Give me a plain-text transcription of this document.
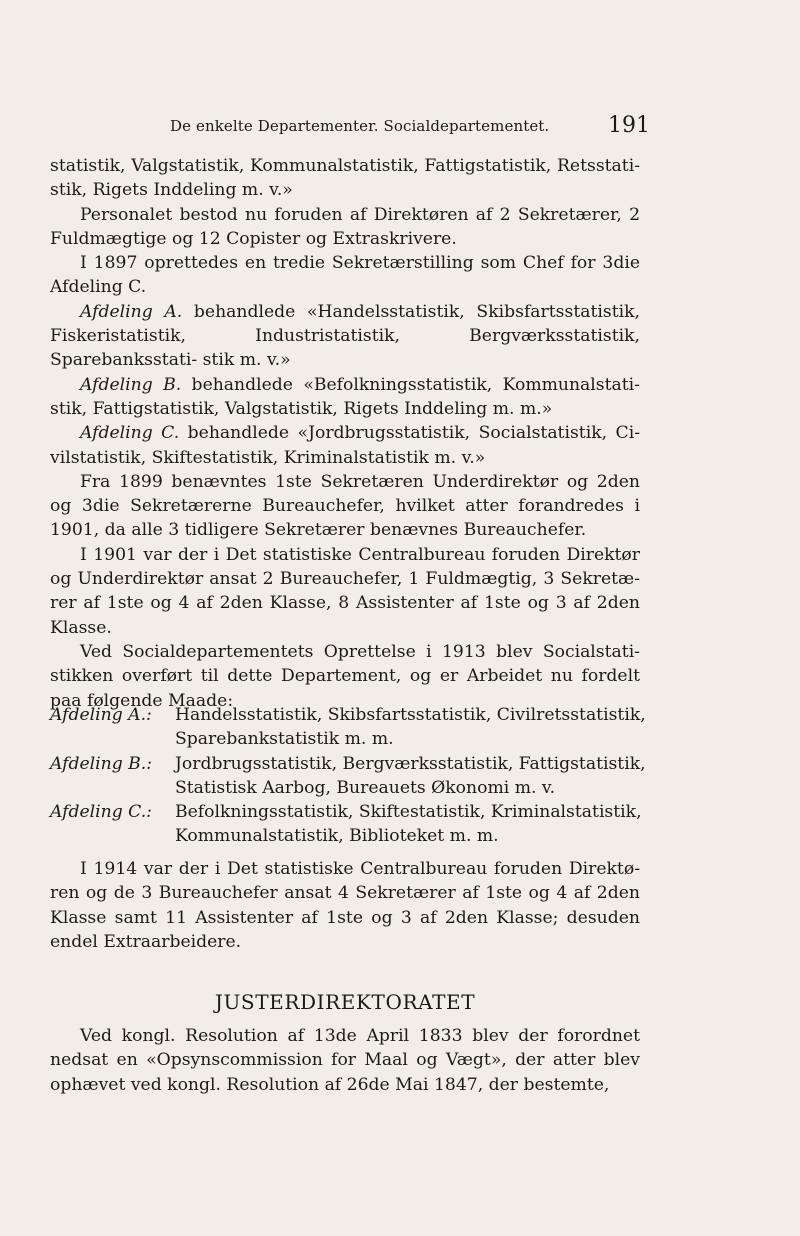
De enkelte Departementer. Socialdepartementet.	191

statistik, Valgstatistik, Kommunalstatistik, Fattigstatistik, Retsstati- stik, Rigets Inddeling m. v.»

Personalet bestod nu foruden af Direktøren af 2 Sekretærer, 2 Fuldmægtige og 12 Copister og Extraskrivere.

I 1897 oprettedes en tredie Sekretærstilling som Chef for 3die Afdeling C.

Afdeling A. behandlede «Handelsstatistik, Skibsfartsstatistik, Fiskeristatistik, Industristatistik, Bergværksstatistik, Sparebanksstati- stik m. v.»

Afdeling B. behandlede «Befolkningsstatistik, Kommunalstati- stik, Fattigstatistik, Valgstatistik, Rigets Inddeling m. m.»

Afdeling C. behandlede «Jordbrugsstatistik, Socialstatistik, Ci- vilstatistik, Skiftestatistik, Kriminalstatistik m. v.»

Fra 1899 benævntes 1ste Sekretæren Underdirektør og 2den og 3die Sekretærerne Bureauchefer, hvilket atter forandredes i 1901, da alle 3 tidligere Sekretærer benævnes Bureauchefer.

I 1901 var der i Det statistiske Centralbureau foruden Direktør og Underdirektør ansat 2 Bureauchefer, 1 Fuldmægtig, 3 Sekretæ- rer af 1ste og 4 af 2den Klasse, 8 Assistenter af 1ste og 3 af 2den Klasse.

Ved Socialdepartementets Oprettelse i 1913 blev Socialstati- stikken overført til dette Departement, og er Arbeidet nu fordelt paa følgende Maade:

Afdeling A.:	Handelsstatistik, Skibsfartsstatistik, Civilretsstatistik,
Sparebankstatistik m. m.
Afdeling B.:	Jordbrugsstatistik, Bergværksstatistik, Fattigstatistik,
Statistisk Aarbog, Bureauets Økonomi m. v.
Afdeling C.:	Befolkningsstatistik, Skiftestatistik, Kriminalstatistik,
Kommunalstatistik, Biblioteket m. m.

I 1914 var der i Det statistiske Centralbureau foruden Direktø- ren og de 3 Bureauchefer ansat 4 Sekretærer af 1ste og 4 af 2den Klasse samt 11 Assistenter af 1ste og 3 af 2den Klasse; desuden endel Extraarbeidere.

JUSTERDIREKTORATET

Ved kongl. Resolution af 13de April 1833 blev der forordnet nedsat en «Opsynscommission for Maal og Vægt», der atter blev ophævet ved kongl. Resolution af 26de Mai 1847, der bestemte,
